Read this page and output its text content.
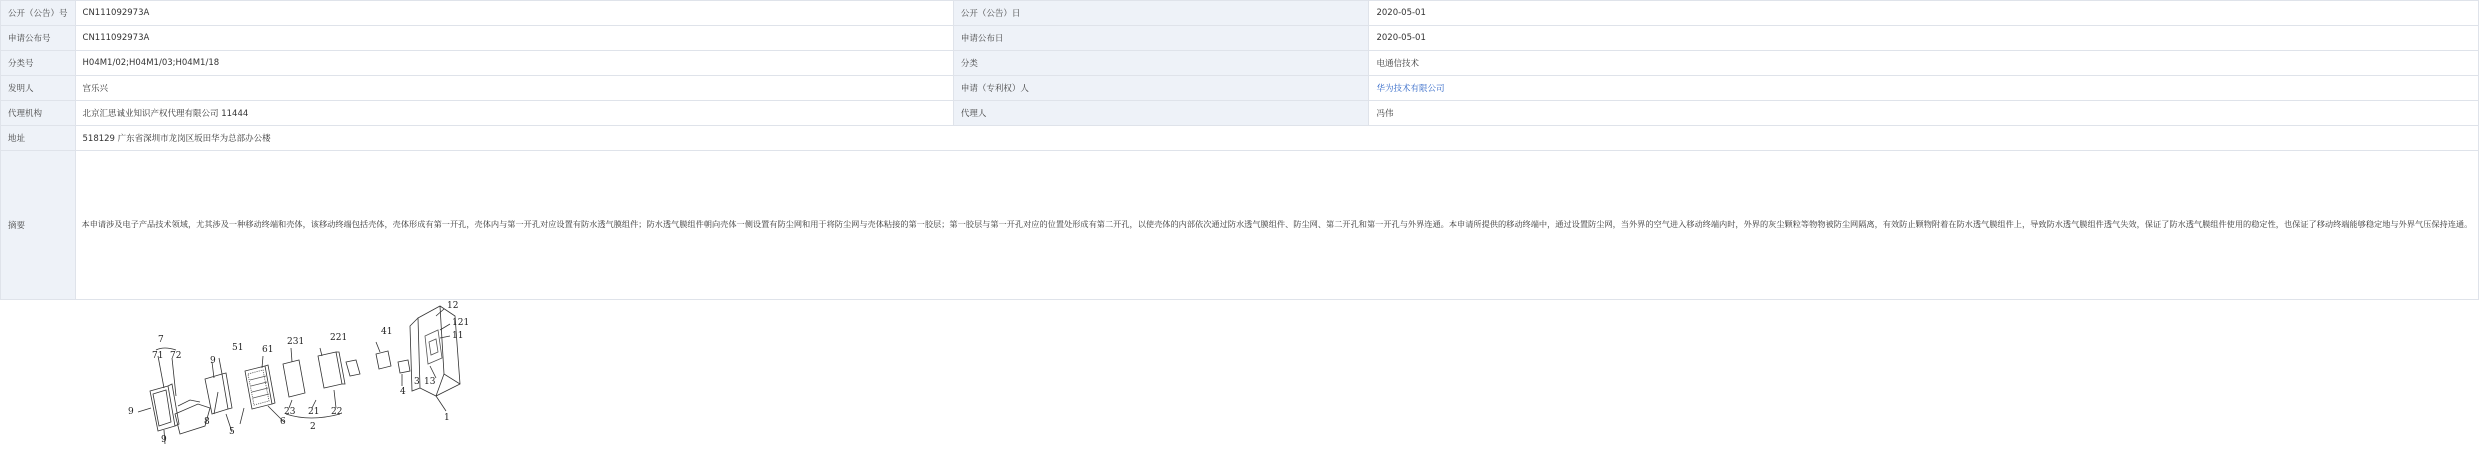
公开（公告）号	CN111092973A	公开（公告）日	2020-05-01
申请公布号	CN111092973A	申请公布日	2020-05-01
分类号	H04M1/02;H04M1/03;H04M1/18	分类	电通信技术
发明人	宫乐兴	申请（专利权）人	华为技术有限公司
代理机构	北京汇思诚业知识产权代理有限公司 11444	代理人	冯伟
地址	518129 广东省深圳市龙岗区坂田华为总部办公楼		
摘要	本申请涉及电子产品技术领域，尤其涉及一种移动终端和壳体，该移动终端包括壳体，壳体形成有第一开孔，壳体内与第一开孔对应设置有防水透气膜组件；防水透气膜组件朝向壳体一侧设置有防尘网和用于将防尘网与壳体粘接的第一胶层；第一胶层与第一开孔对应的位置处形成有第二开孔，以使壳体的内部依次通过防水透气膜组件、防尘网、第二开孔和第一开孔与外界连通。本申请所提供的移动终端中，通过设置防尘网，当外界的空气进入移动终端内时，外界的灰尘颗粒等物物被防尘网隔离，有效防止颗物附着在防水透气膜组件上，导致防水透气膜组件透气失效，保证了防水透气膜组件使用的稳定性，也保证了移动终端能够稳定地与外界气压保持连通。		
7
71 72
9
9
9
51
5
8
61
6
231	221
23 21 22
2
41
4
3
12
121
11
13
1
